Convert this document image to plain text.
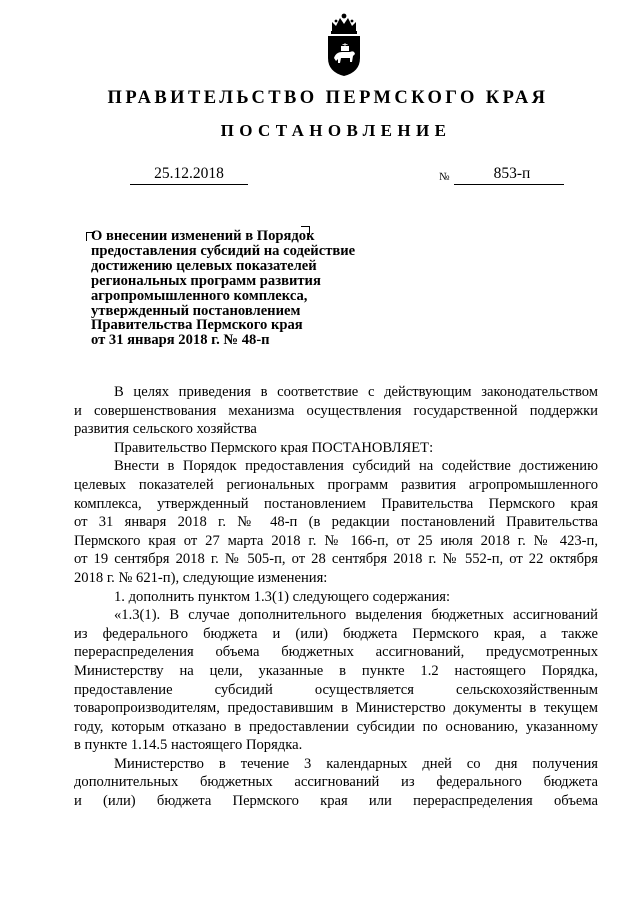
ПРАВИТЕЛЬСТВО ПЕРМСКОГО КРАЯ
ПОСТАНОВЛЕНИЕ
25.12.2018	№	853-п
О внесении изменений в Порядок
предоставления субсидий на содействие
достижению целевых показателей
региональных программ развития
агропромышленного комплекса,
утвержденный постановлением
Правительства Пермского края
от 31 января 2018 г. № 48-п
В целях приведения в соответствие с действующим законодательством
и совершенствования механизма осуществления государственной поддержки
развития сельского хозяйства
Правительство Пермского края ПОСТАНОВЛЯЕТ:
Внести в Порядок предоставления субсидий на содействие достижению
целевых показателей региональных программ развития агропромышленного
комплекса, утвержденный постановлением Правительства Пермского края
от 31 января 2018 г. № 48-п (в редакции постановлений Правительства
Пермского края от 27 марта 2018 г. № 166-п, от 25 июля 2018 г. № 423-п,
от 19 сентября 2018 г. № 505-п, от 28 сентября 2018 г. № 552-п, от 22 октября
2018 г. № 621-п), следующие изменения:
1. дополнить пунктом 1.3(1) следующего содержания:
«1.3(1). В случае дополнительного выделения бюджетных ассигнований
из федерального бюджета и (или) бюджета Пермского края, а также
перераспределения объема бюджетных ассигнований, предусмотренных
Министерству на цели, указанные в пункте 1.2 настоящего Порядка,
предоставление субсидий осуществляется сельскохозяйственным
товаропроизводителям, предоставившим в Министерство документы в текущем
году, которым отказано в предоставлении субсидии по основанию, указанному
в пункте 1.14.5 настоящего Порядка.
Министерство в течение 3 календарных дней со дня получения
дополнительных бюджетных ассигнований из федерального бюджета
и (или) бюджета Пермского края или перераспределения объема
